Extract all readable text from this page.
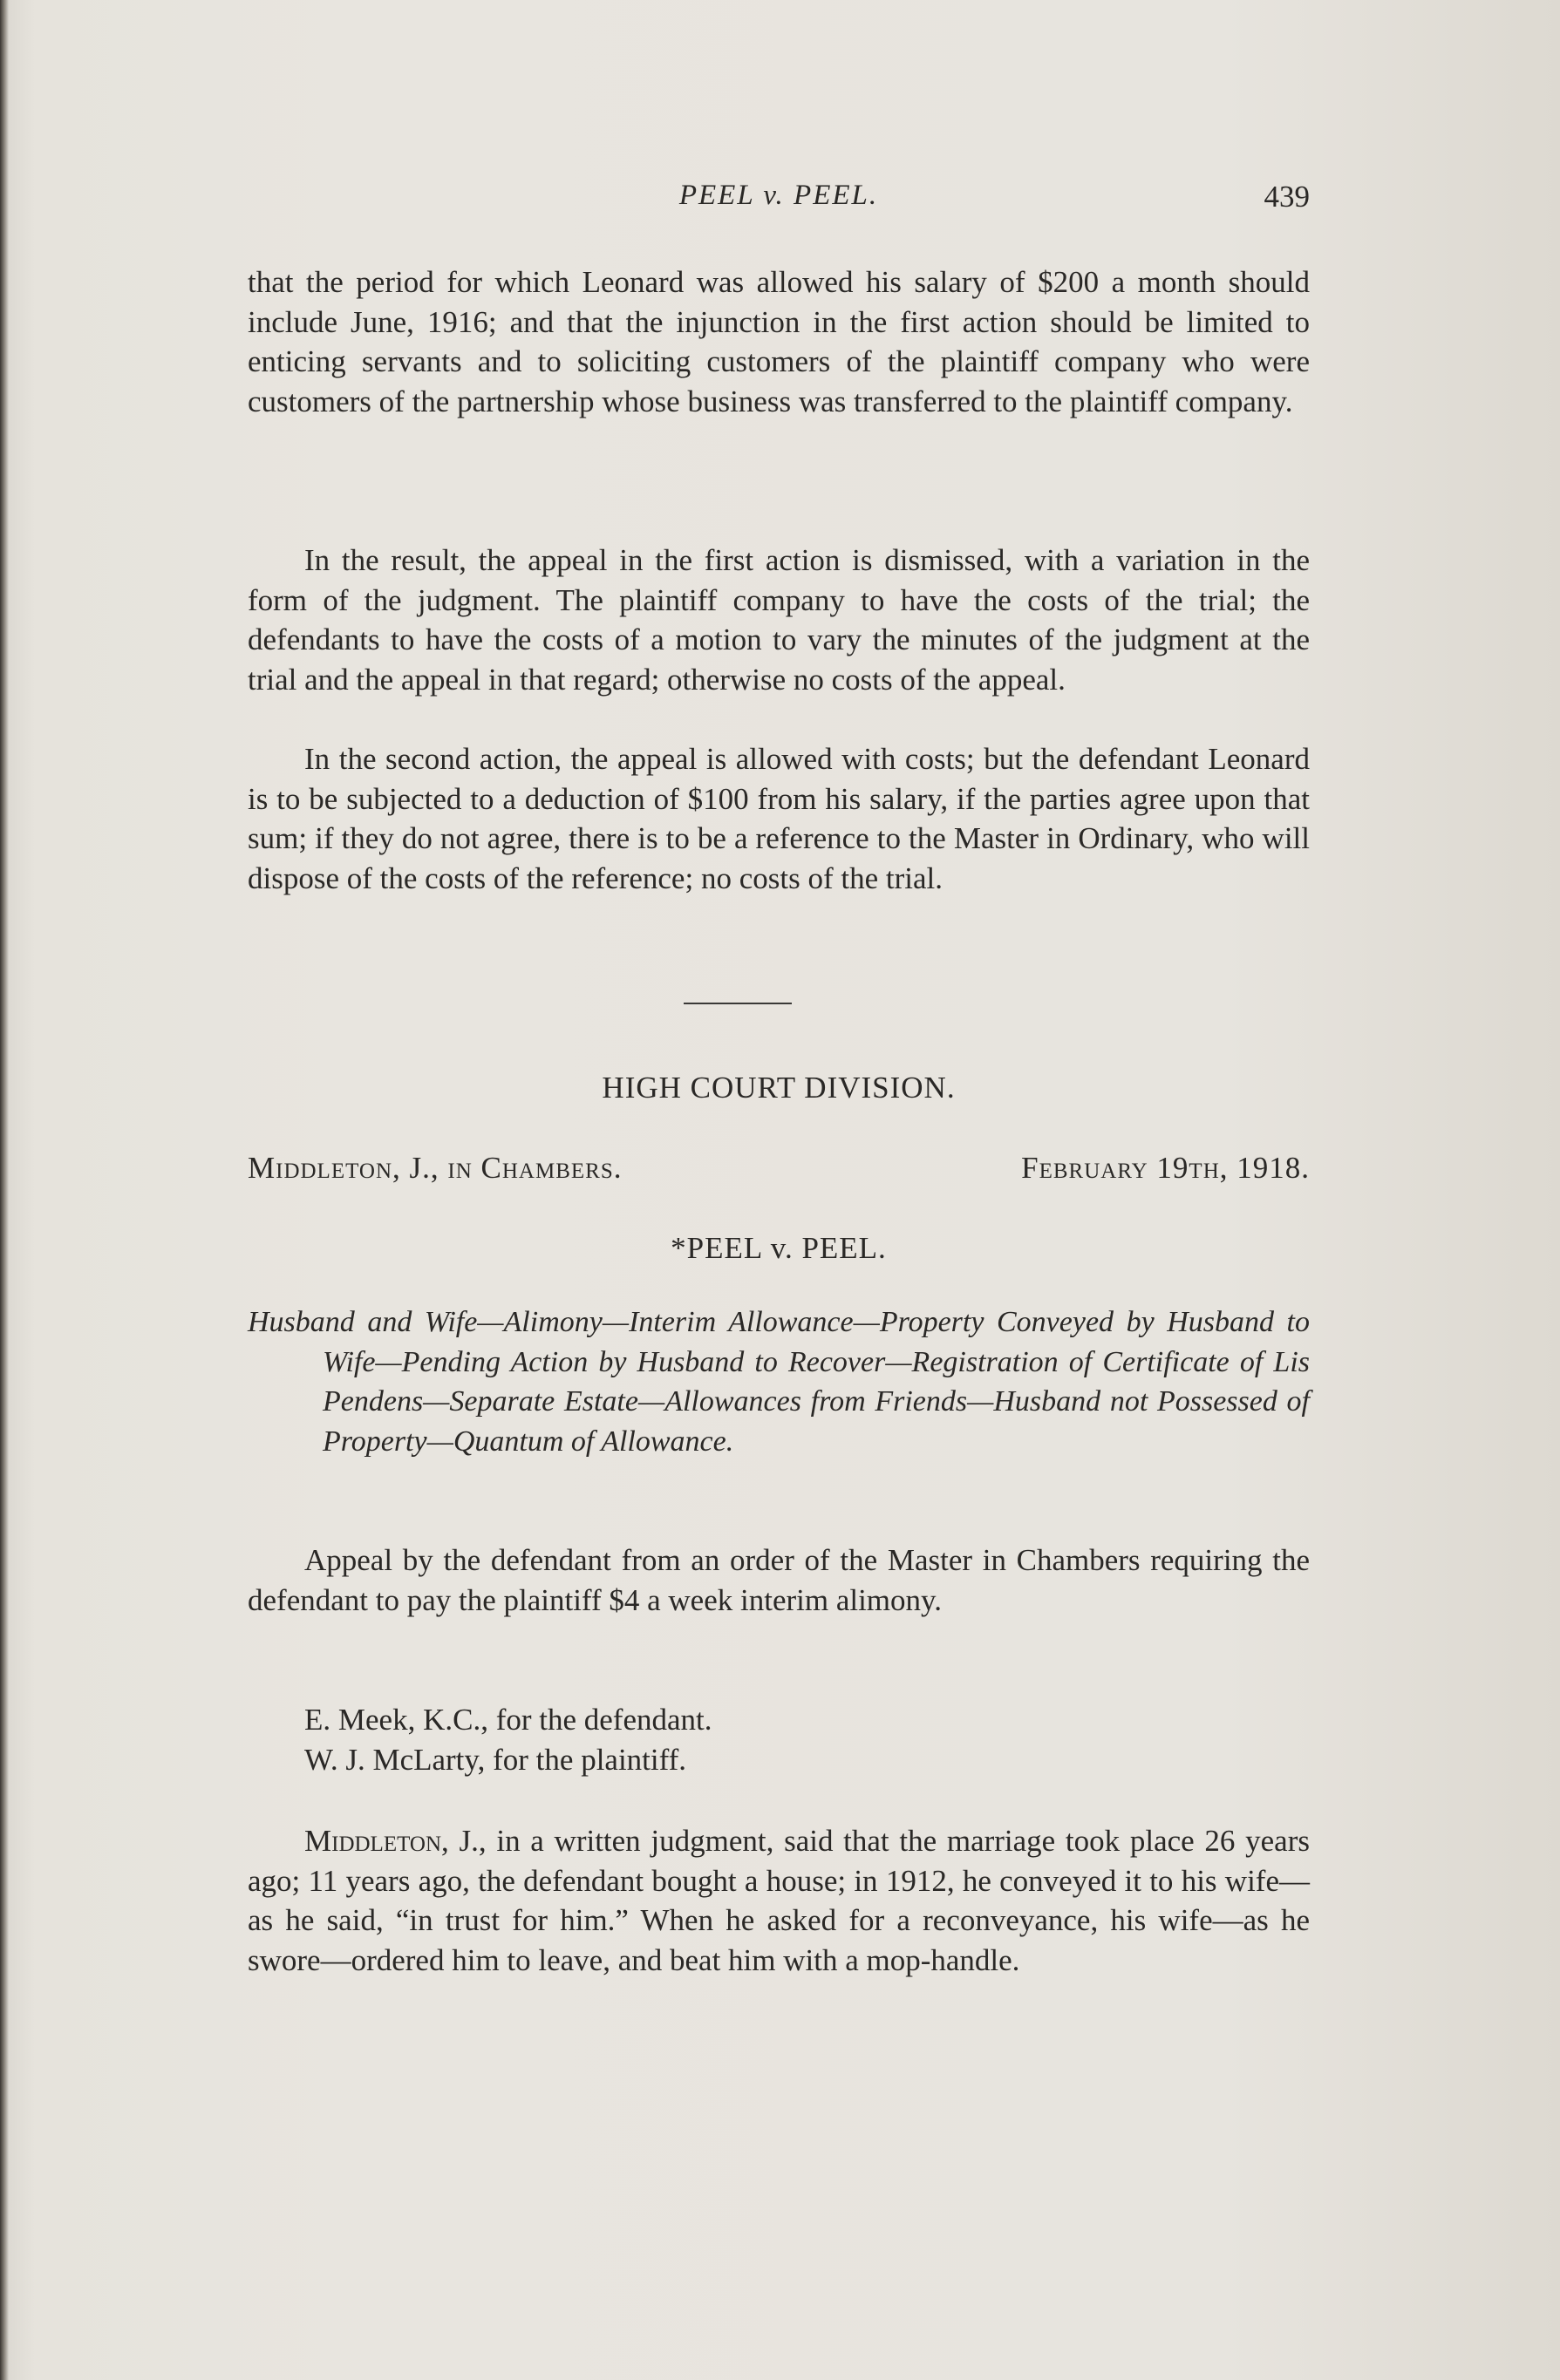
PEEL v. PEEL.	439

that the period for which Leonard was allowed his salary of $200 a month should include June, 1916; and that the injunction in the first action should be limited to enticing servants and to soliciting customers of the plaintiff company who were customers of the partnership whose business was transferred to the plaintiff company.

In the result, the appeal in the first action is dismissed, with a variation in the form of the judgment. The plaintiff company to have the costs of the trial; the defendants to have the costs of a motion to vary the minutes of the judgment at the trial and the appeal in that regard; otherwise no costs of the appeal.

In the second action, the appeal is allowed with costs; but the defendant Leonard is to be subjected to a deduction of $100 from his salary, if the parties agree upon that sum; if they do not agree, there is to be a reference to the Master in Ordinary, who will dispose of the costs of the reference; no costs of the trial.

HIGH COURT DIVISION.
Middleton, J., in Chambers.	February 19th, 1918.
*PEEL v. PEEL.
Husband and Wife—Alimony—Interim Allowance—Property Conveyed by Husband to Wife—Pending Action by Husband to Recover—Registration of Certificate of Lis Pendens—Separate Estate—Allowances from Friends—Husband not Possessed of Property—Quantum of Allowance.

Appeal by the defendant from an order of the Master in Chambers requiring the defendant to pay the plaintiff $4 a week interim alimony.

E. Meek, K.C., for the defendant.

W. J. McLarty, for the plaintiff.

Middleton, J., in a written judgment, said that the marriage took place 26 years ago; 11 years ago, the defendant bought a house; in 1912, he conveyed it to his wife—as he said, “in trust for him.” When he asked for a reconveyance, his wife—as he swore—ordered him to leave, and beat him with a mop-handle.
